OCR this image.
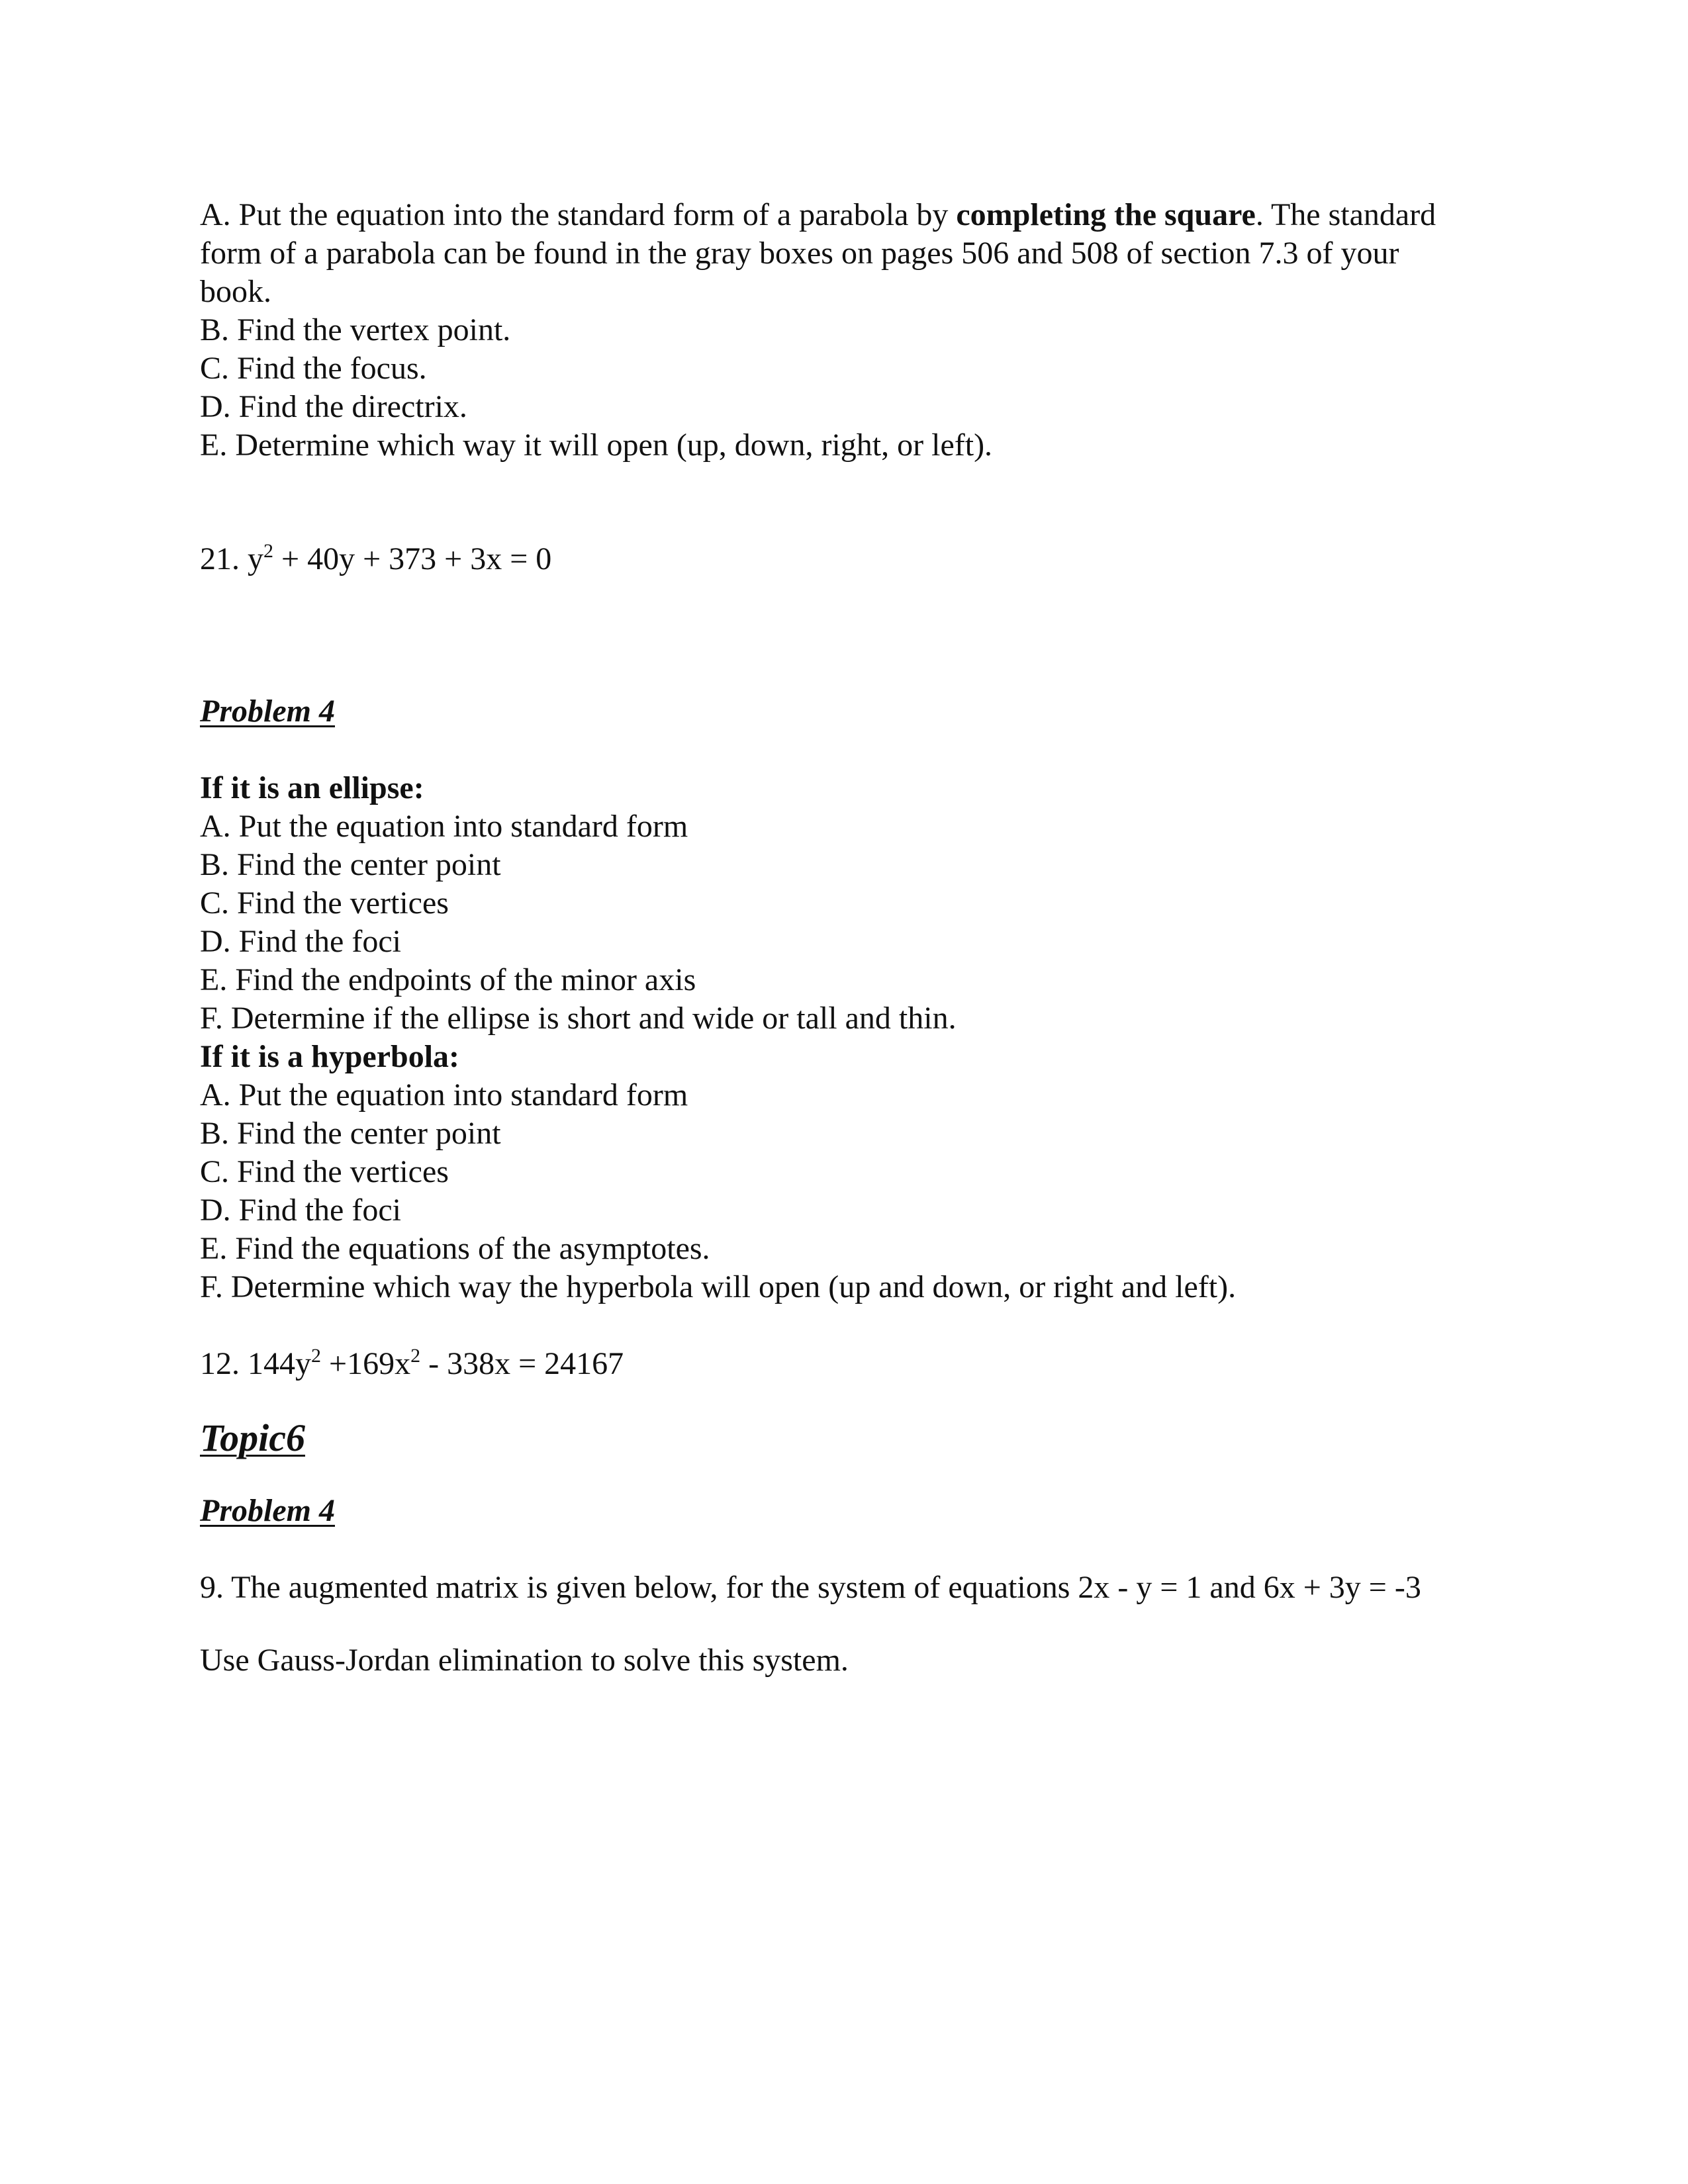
A. Put the equation into the standard form of a parabola by completing the square. The standard form of a parabola can be found in the gray boxes on pages 506 and 508 of section 7.3 of your book.
B. Find the vertex point.
C. Find the focus.
D. Find the directrix.
E. Determine which way it will open (up, down, right, or left).
21. $y^2 + 40y + 373 + 3x = 0$
Problem 4
If it is an ellipse:
A. Put the equation into standard form
B. Find the center point
C. Find the vertices
D. Find the foci
E. Find the endpoints of the minor axis
F. Determine if the ellipse is short and wide or tall and thin.
If it is a hyperbola:
A. Put the equation into standard form
B. Find the center point
C. Find the vertices
D. Find the foci
E. Find the equations of the asymptotes.
F. Determine which way the hyperbola will open (up and down, or right and left).
12. $144y^2 +169x^2 - 338x = 24167$
Topic6
Problem 4
9. The augmented matrix is given below, for the system of equations 2x - y = 1 and 6x + 3y = -3
Use Gauss-Jordan elimination to solve this system.
